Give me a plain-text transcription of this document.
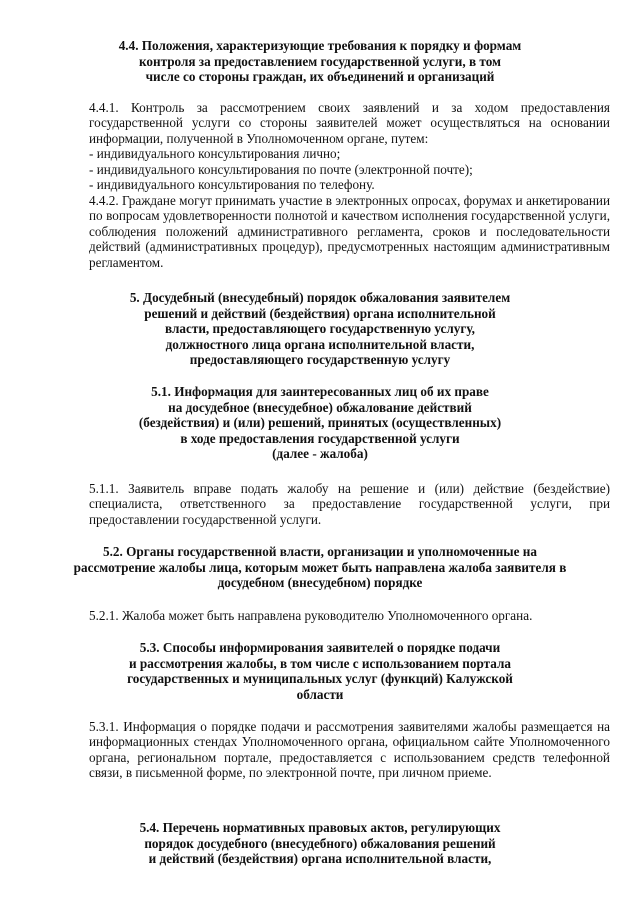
4.4. Положения, характеризующие требования к порядку и формам
контроля за предоставлением государственной услуги, в том
числе со стороны граждан, их объединений и организаций

4.4.1. Контроль за рассмотрением своих заявлений и за ходом предоставления государственной услуги со стороны заявителей может осуществляться на основании информации, полученной в Уполномоченном органе, путем:

- индивидуального консультирования лично;

- индивидуального консультирования по почте (электронной почте);

- индивидуального консультирования по телефону.

4.4.2. Граждане могут принимать участие в электронных опросах, форумах и анкетировании по вопросам удовлетворенности полнотой и качеством исполнения государственной услуги, соблюдения положений административного регламента, сроков и последовательности действий (административных процедур), предусмотренных настоящим административным регламентом.

5. Досудебный (внесудебный) порядок обжалования заявителем
решений и действий (бездействия) органа исполнительной
власти, предоставляющего государственную услугу,
должностного лица органа исполнительной власти,
предоставляющего государственную услугу
5.1. Информация для заинтересованных лиц об их праве
на досудебное (внесудебное) обжалование действий
(бездействия) и (или) решений, принятых (осуществленных)
в ходе предоставления государственной услуги
(далее - жалоба)

5.1.1. Заявитель вправе подать жалобу на решение и (или) действие (бездействие) специалиста, ответственного за предоставление государственной услуги, при предоставлении государственной услуги.

5.2. Органы государственной власти, организации и уполномоченные на
рассмотрение жалобы лица, которым может быть направлена жалоба заявителя в
досудебном (внесудебном) порядке

5.2.1. Жалоба может быть направлена руководителю Уполномоченного органа.

5.3. Способы информирования заявителей о порядке подачи
и рассмотрения жалобы, в том числе с использованием портала
государственных и муниципальных услуг (функций) Калужской
области

5.3.1. Информация о порядке подачи и рассмотрения заявителями жалобы размещается на информационных стендах Уполномоченного органа, официальном сайте Уполномоченного органа, региональном портале, предоставляется с использованием средств телефонной связи, в письменной форме, по электронной почте, при личном приеме.

5.4. Перечень нормативных правовых актов, регулирующих
порядок досудебного (внесудебного) обжалования решений
и действий (бездействия) органа исполнительной власти,
